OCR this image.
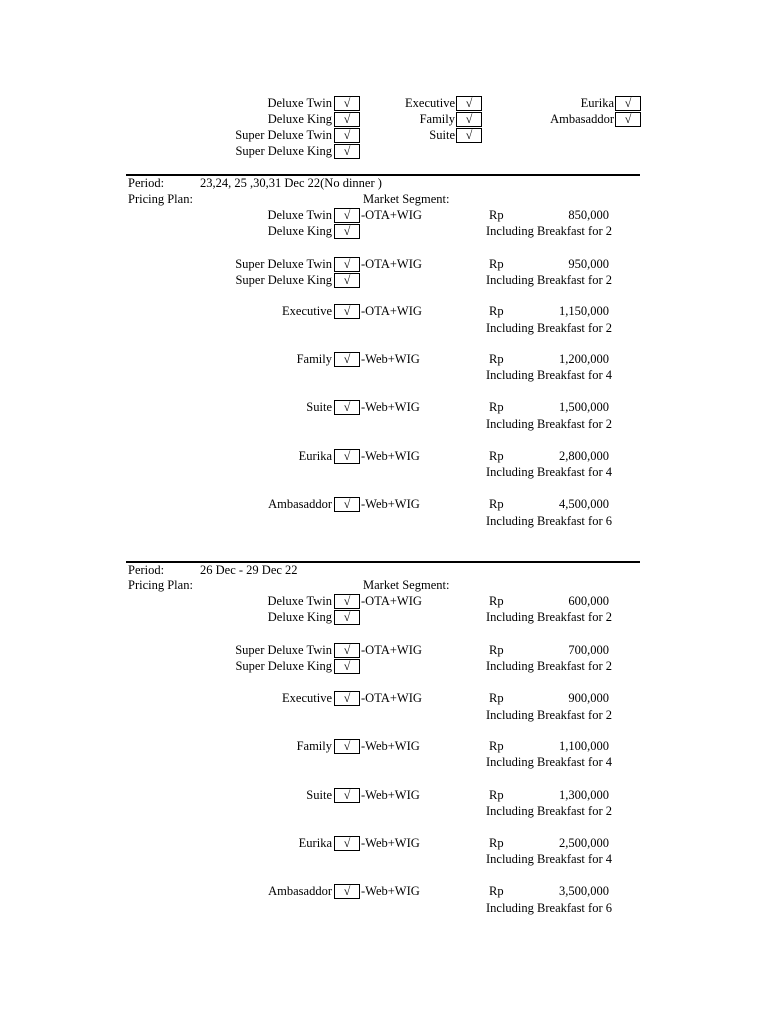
Deluxe Twin √
Deluxe King √
Super Deluxe Twin √
Super Deluxe King √
Executive √
Family √
Suite √
Eurika √
Ambasaddor √
Period:	23,24, 25 ,30,31 Dec 22(No dinner )
Pricing Plan:	Market Segment:
Deluxe Twin √ -OTA+WIG	Rp	850,000
Deluxe King √	Including Breakfast for 2
Super Deluxe Twin √ -OTA+WIG	Rp	950,000
Super Deluxe King √	Including Breakfast for 2
Executive √ -OTA+WIG	Rp	1,150,000
Including Breakfast for 2
Family √ -Web+WIG	Rp	1,200,000
Including Breakfast for 4
Suite √ -Web+WIG	Rp	1,500,000
Including Breakfast for 2
Eurika √ -Web+WIG	Rp	2,800,000
Including Breakfast for 4
Ambasaddor √ -Web+WIG	Rp	4,500,000
Including Breakfast for 6
Period:	26 Dec - 29 Dec 22
Pricing Plan:	Market Segment:
Deluxe Twin √ -OTA+WIG	Rp	600,000
Deluxe King √	Including Breakfast for 2
Super Deluxe Twin √ -OTA+WIG	Rp	700,000
Super Deluxe King √	Including Breakfast for 2
Executive √ -OTA+WIG	Rp	900,000
Including Breakfast for 2
Family √ -Web+WIG	Rp	1,100,000
Including Breakfast for 4
Suite √ -Web+WIG	Rp	1,300,000
Including Breakfast for 2
Eurika √ -Web+WIG	Rp	2,500,000
Including Breakfast for 4
Ambasaddor √ -Web+WIG	Rp	3,500,000
Including Breakfast for 6
